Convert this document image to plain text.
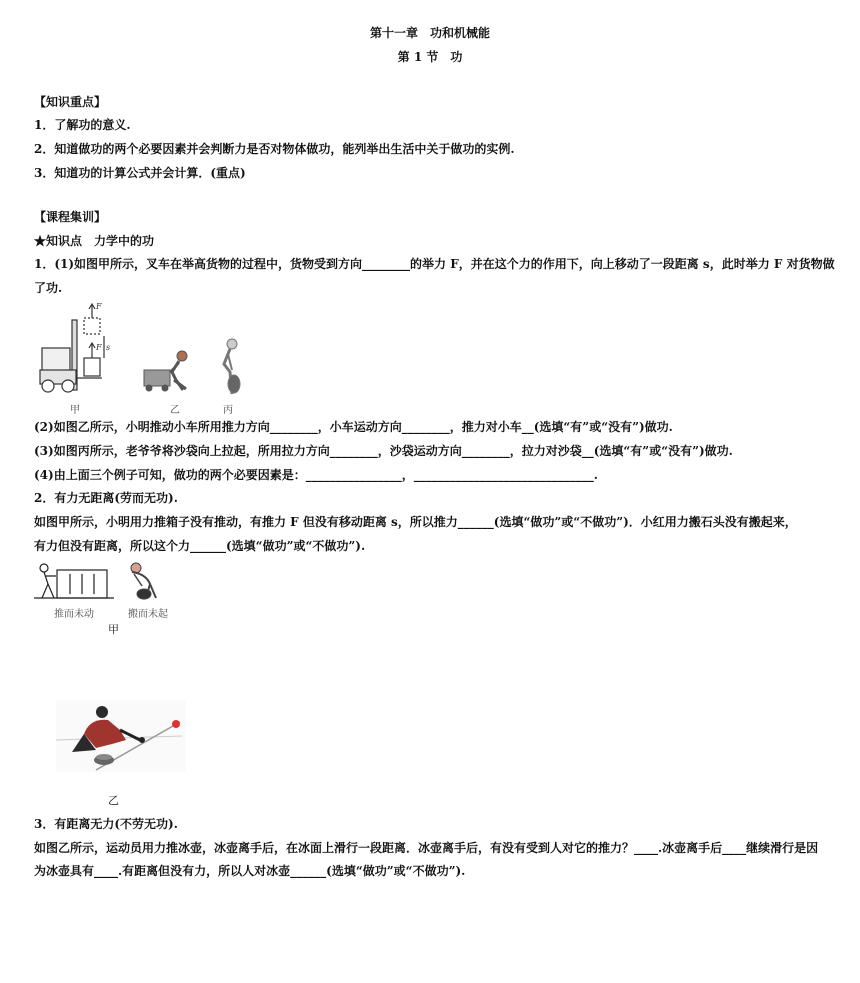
第十一章　功和机械能
第 1 节　功
【知识重点】
1．了解功的意义.
2．知道做功的两个必要因素并会判断力是否对物体做功，能列举出生活中关于做功的实例.
3．知道功的计算公式并会计算．(重点)
【课程集训】
★知识点　力学中的功
1．(1)如图甲所示，叉车在举高货物的过程中，货物受到方向________的举力 F，并在这个力的作用下，向上移动了一段距离 s，此时举力 F 对货物做
了功.
F
F s
甲	乙	丙
(2)如图乙所示，小明推动小车所用推力方向________，小车运动方向________，推力对小车__(选填“有”或“没有”)做功.
(3)如图丙所示，老爷爷将沙袋向上拉起，所用拉力方向________，沙袋运动方向________，拉力对沙袋__(选填“有”或“没有”)做功.
(4)由上面三个例子可知，做功的两个必要因素是：________________，______________________________.
2．有力无距离(劳而无功).
如图甲所示，小明用力推箱子没有推动，有推力 F 但没有移动距离 s，所以推力______(选填“做功”或“不做功”)．小红用力搬石头没有搬起来，
有力但没有距离，所以这个力______(选填“做功”或“不做功”).
推而未动	搬而未起
甲
乙
3．有距离无力(不劳无功).
如图乙所示，运动员用力推冰壶，冰壶离手后，在冰面上滑行一段距离．冰壶离手后，有没有受到人对它的推力？____.冰壶离手后____继续滑行是因
为冰壶具有____.有距离但没有力，所以人对冰壶______(选填“做功”或“不做功”).
